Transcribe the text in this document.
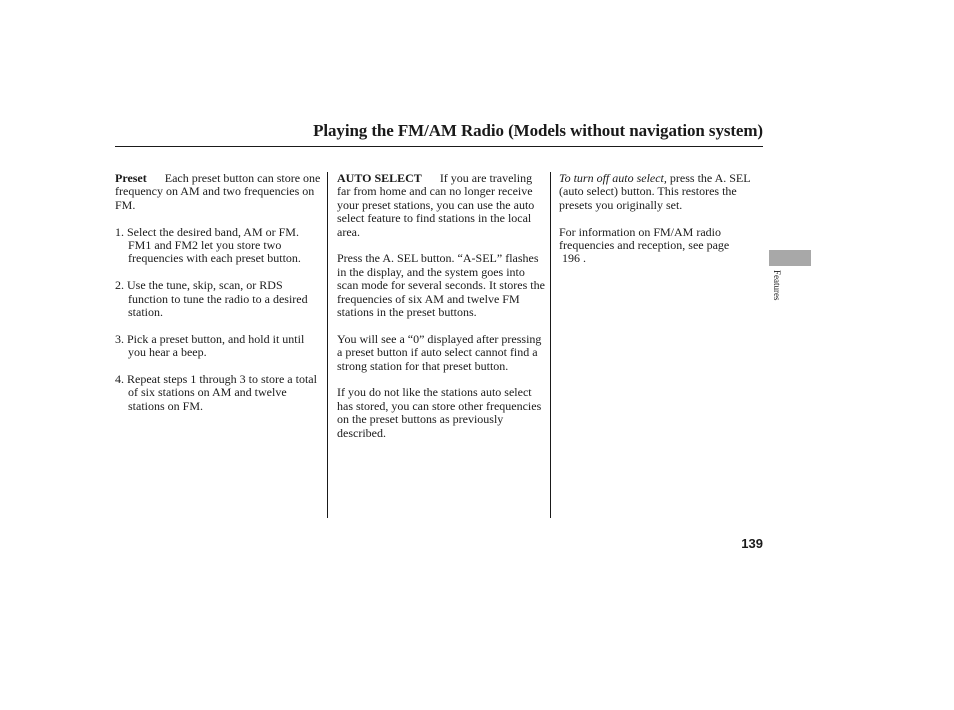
Playing the FM/AM Radio (Models without navigation system)

Preset Each preset button can store one frequency on AM and two frequencies on FM.

1. Select the desired band, AM or FM. FM1 and FM2 let you store two frequencies with each preset button.

2. Use the tune, skip, scan, or RDS function to tune the radio to a desired station.

3. Pick a preset button, and hold it until you hear a beep.

4. Repeat steps 1 through 3 to store a total of six stations on AM and twelve stations on FM.

AUTO SELECT If you are traveling far from home and can no longer receive your preset stations, you can use the auto select feature to find stations in the local area.

Press the A. SEL button. “A-SEL” flashes in the display, and the system goes into scan mode for several seconds. It stores the frequencies of six AM and twelve FM stations in the preset buttons.

You will see a “0” displayed after pressing a preset button if auto select cannot find a strong station for that preset button.

If you do not like the stations auto select has stored, you can store other frequencies on the preset buttons as previously described.

To turn off auto select, press the A. SEL (auto select) button. This restores the presets you originally set.

For information on FM/AM radio frequencies and reception, see page
196 .

Features
139
